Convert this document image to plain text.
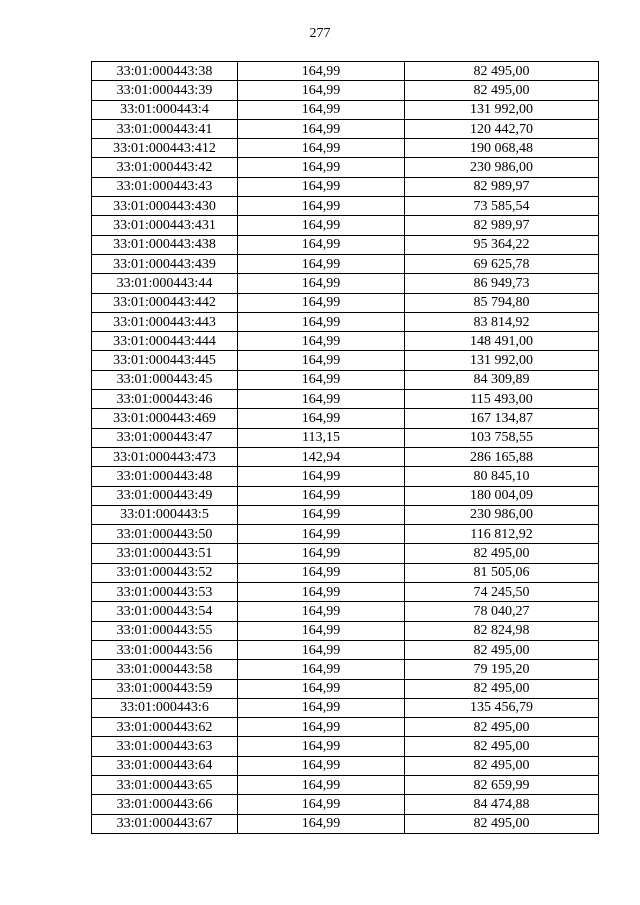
277
33:01:000443:38	164,99	82 495,00
33:01:000443:39	164,99	82 495,00
33:01:000443:4	164,99	131 992,00
33:01:000443:41	164,99	120 442,70
33:01:000443:412	164,99	190 068,48
33:01:000443:42	164,99	230 986,00
33:01:000443:43	164,99	82 989,97
33:01:000443:430	164,99	73 585,54
33:01:000443:431	164,99	82 989,97
33:01:000443:438	164,99	95 364,22
33:01:000443:439	164,99	69 625,78
33:01:000443:44	164,99	86 949,73
33:01:000443:442	164,99	85 794,80
33:01:000443:443	164,99	83 814,92
33:01:000443:444	164,99	148 491,00
33:01:000443:445	164,99	131 992,00
33:01:000443:45	164,99	84 309,89
33:01:000443:46	164,99	115 493,00
33:01:000443:469	164,99	167 134,87
33:01:000443:47	113,15	103 758,55
33:01:000443:473	142,94	286 165,88
33:01:000443:48	164,99	80 845,10
33:01:000443:49	164,99	180 004,09
33:01:000443:5	164,99	230 986,00
33:01:000443:50	164,99	116 812,92
33:01:000443:51	164,99	82 495,00
33:01:000443:52	164,99	81 505,06
33:01:000443:53	164,99	74 245,50
33:01:000443:54	164,99	78 040,27
33:01:000443:55	164,99	82 824,98
33:01:000443:56	164,99	82 495,00
33:01:000443:58	164,99	79 195,20
33:01:000443:59	164,99	82 495,00
33:01:000443:6	164,99	135 456,79
33:01:000443:62	164,99	82 495,00
33:01:000443:63	164,99	82 495,00
33:01:000443:64	164,99	82 495,00
33:01:000443:65	164,99	82 659,99
33:01:000443:66	164,99	84 474,88
33:01:000443:67	164,99	82 495,00
